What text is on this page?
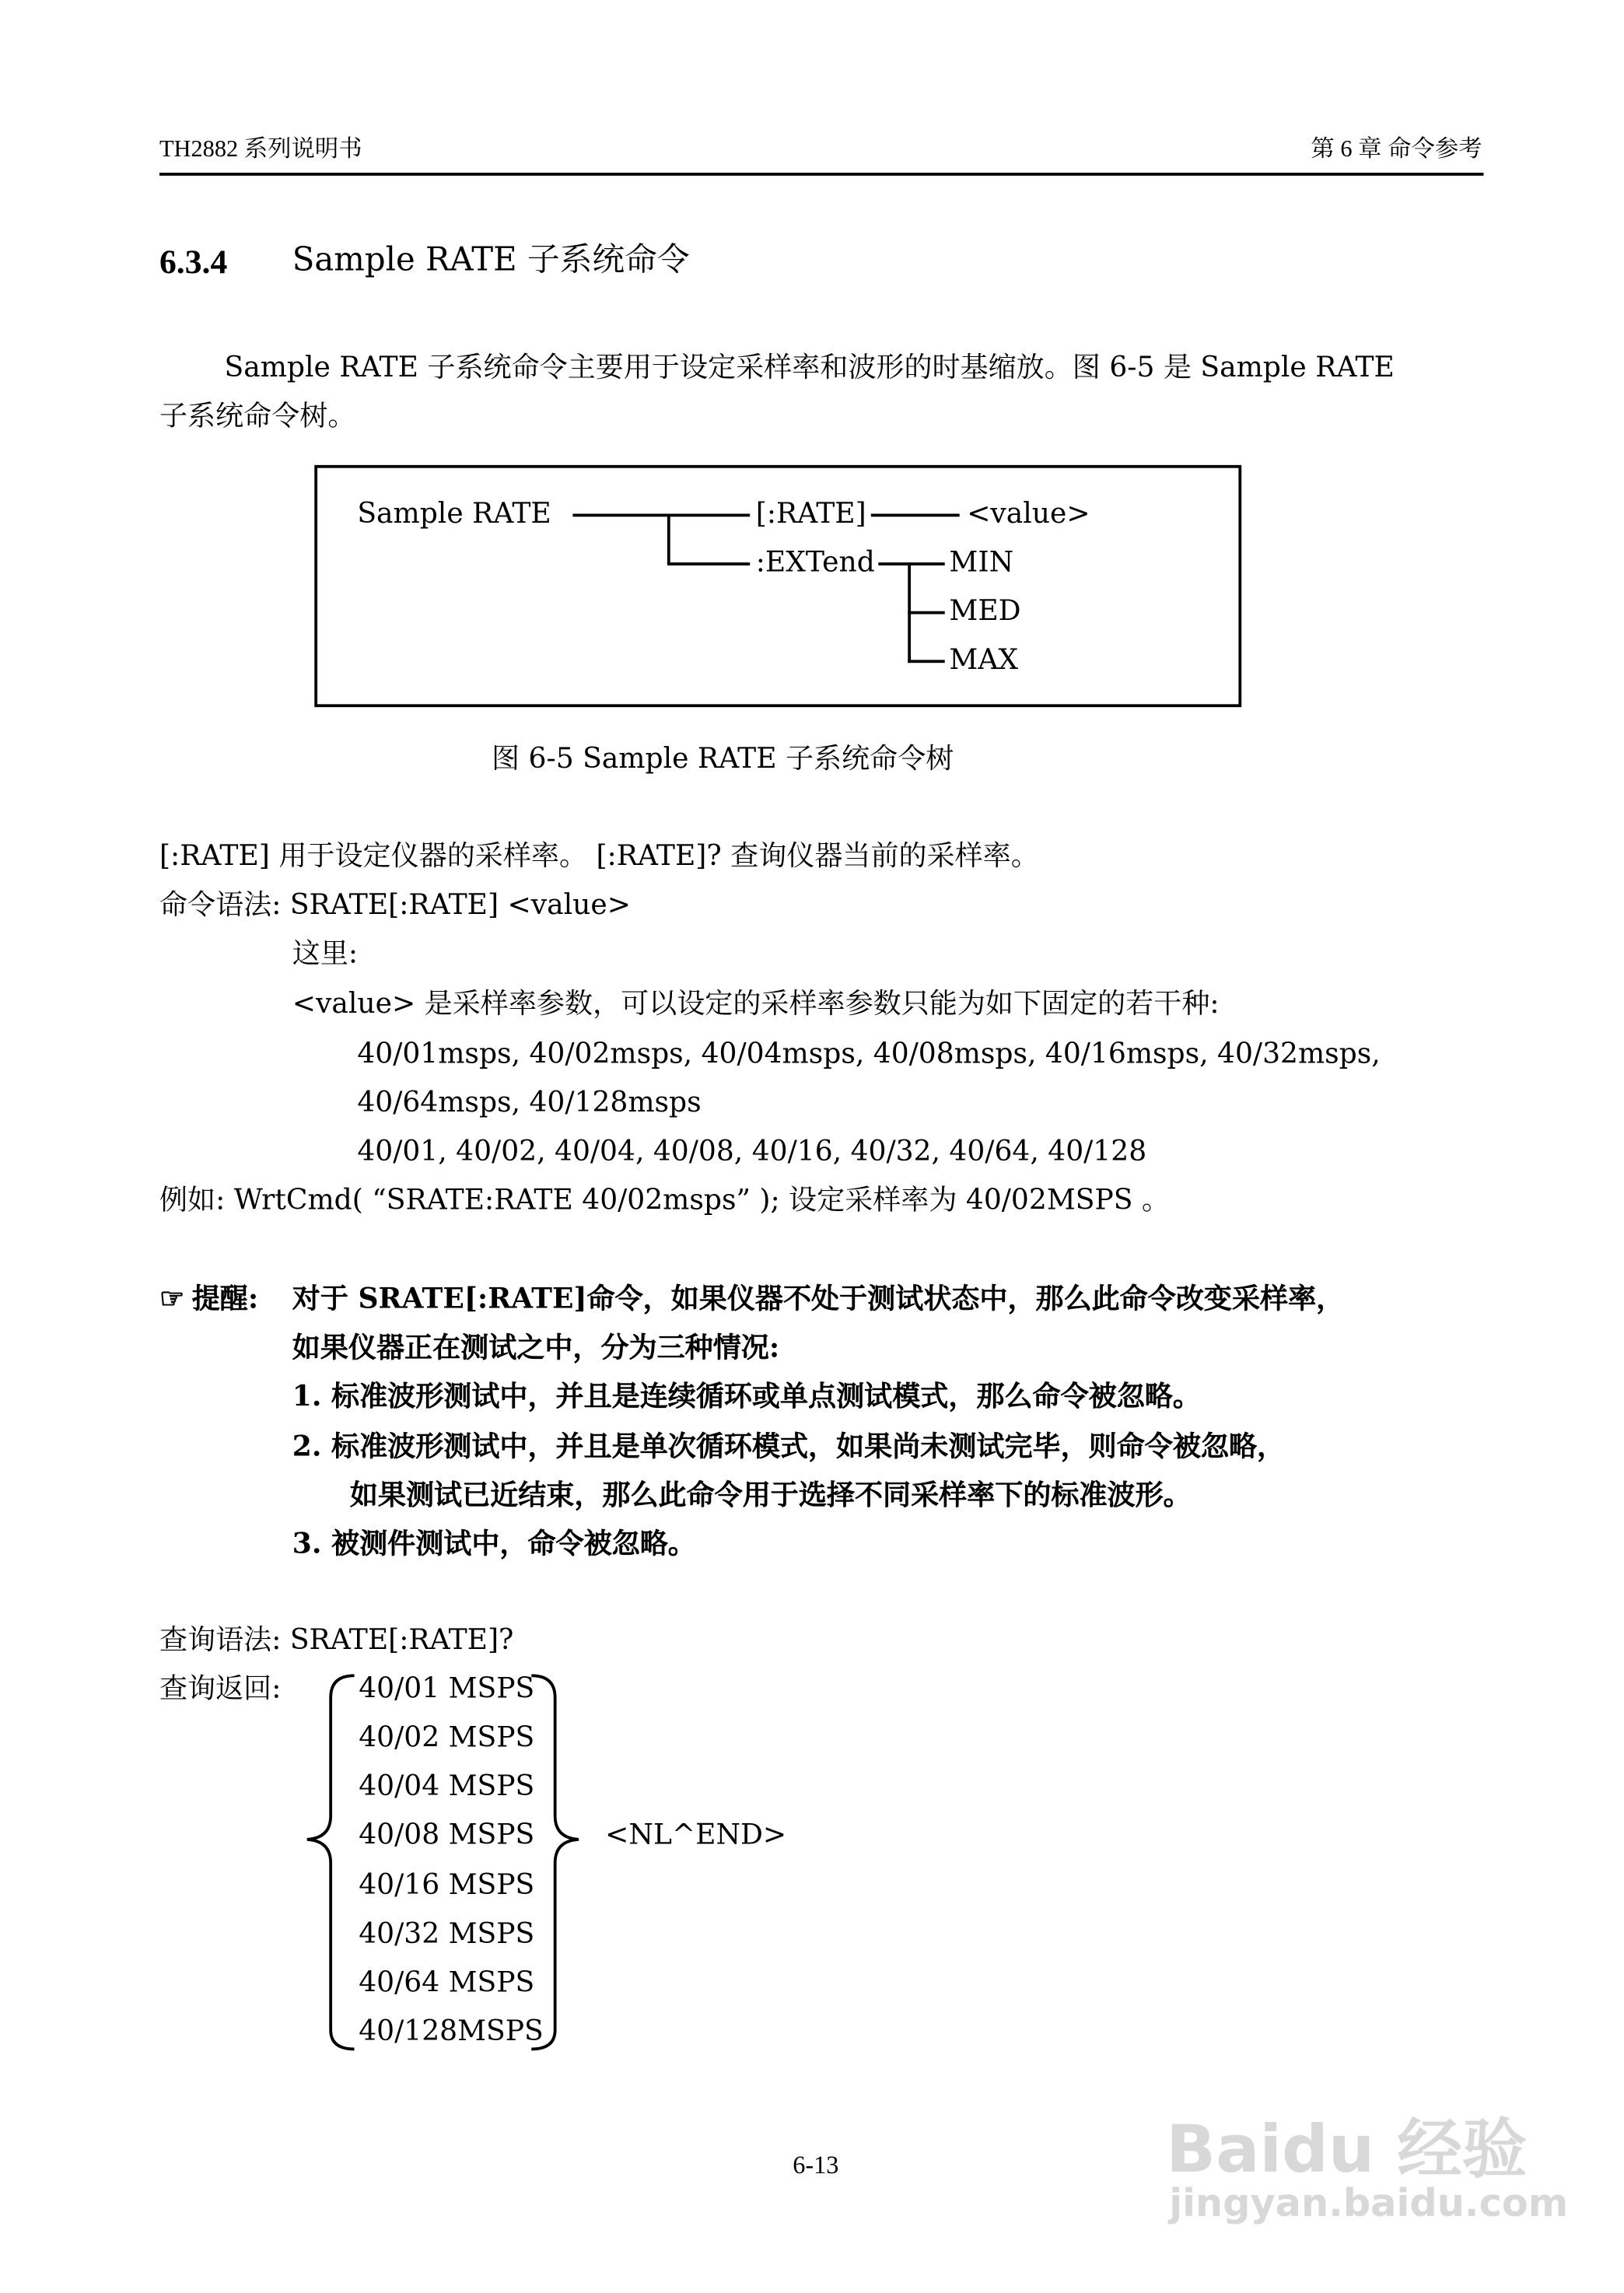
TH2882 系列说明书	第 6 章 命令参考
6.3.4	Sample RATE 子系统命令
Sample RATE 子系统命令主要用于设定采样率和波形的时基缩放。图 6-5 是 Sample RATE
子系统命令树。
Sample RATE	[:RATE]	<value>
:EXTend	MIN
MED
MAX
图 6-5 Sample RATE 子系统命令树
[:RATE] 用于设定仪器的采样率。 [:RATE]? 查询仪器当前的采样率。
命令语法: SRATE[:RATE] <value>
这里:
<value> 是采样率参数，可以设定的采样率参数只能为如下固定的若干种:
40/01msps, 40/02msps, 40/04msps, 40/08msps, 40/16msps, 40/32msps,
40/64msps, 40/128msps
40/01, 40/02, 40/04, 40/08, 40/16, 40/32, 40/64, 40/128
例如: WrtCmd( “SRATE:RATE 40/02msps” ); 设定采样率为 40/02MSPS 。
☞ 提醒: 对于 SRATE[:RATE]命令，如果仪器不处于测试状态中，那么此命令改变采样率，
如果仪器正在测试之中，分为三种情况:
1. 标准波形测试中，并且是连续循环或单点测试模式，那么命令被忽略。
2. 标准波形测试中，并且是单次循环模式，如果尚未测试完毕，则命令被忽略，
如果测试已近结束，那么此命令用于选择不同采样率下的标准波形。
3. 被测件测试中，命令被忽略。
查询语法: SRATE[:RATE]?
查询返回:	40/01 MSPS
40/02 MSPS
40/04 MSPS
40/08 MSPS
40/16 MSPS
40/32 MSPS
40/64 MSPS
40/128MSPS
<NL^END>
6-13	Baidu 经验
jingyan.baidu.com
